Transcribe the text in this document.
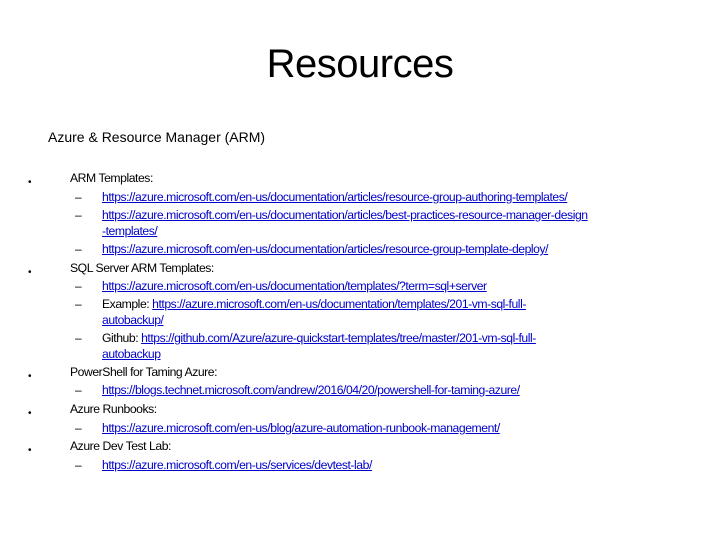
Resources
Azure & Resource Manager (ARM)
•	ARM Templates:
– https://azure.microsoft.com/en-us/documentation/articles/resource-group-authoring-templates/
– https://azure.microsoft.com/en-us/documentation/articles/best-practices-resource-manager-design
-templates/
– https://azure.microsoft.com/en-us/documentation/articles/resource-group-template-deploy/
•	SQL Server ARM Templates:
– https://azure.microsoft.com/en-us/documentation/templates/?term=sql+server
– Example: https://azure.microsoft.com/en-us/documentation/templates/201-vm-sql-full-
autobackup/
– Github: https://github.com/Azure/azure-quickstart-templates/tree/master/201-vm-sql-full-
autobackup
•	PowerShell for Taming Azure:
– https://blogs.technet.microsoft.com/andrew/2016/04/20/powershell-for-taming-azure/
•	Azure Runbooks:
– https://azure.microsoft.com/en-us/blog/azure-automation-runbook-management/
•	Azure Dev Test Lab:
– https://azure.microsoft.com/en-us/services/devtest-lab/
